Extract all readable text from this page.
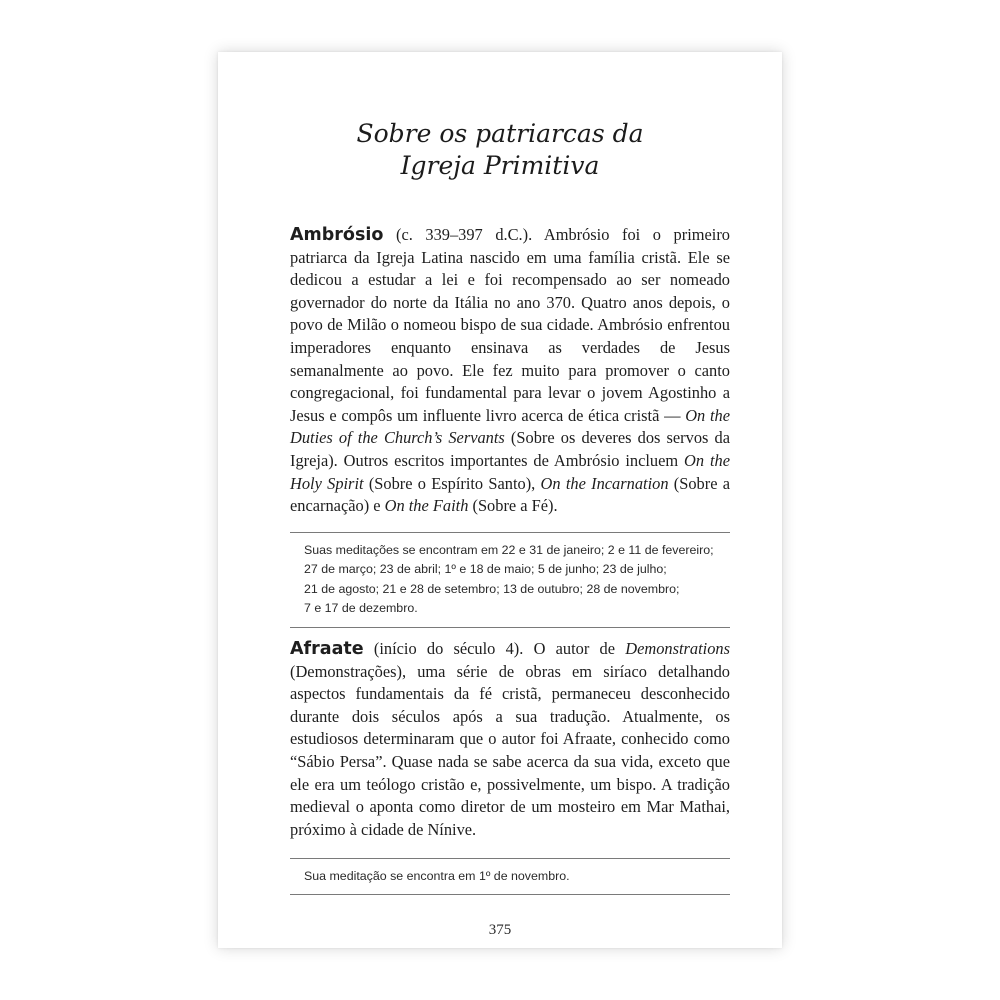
Sobre os patriarcas da
Igreja Primitiva

Ambrósio (c. 339–397 d.C.). Ambrósio foi o primeiro patriarca da Igreja Latina nascido em uma família cristã. Ele se dedicou a estudar a lei e foi recompensado ao ser nomeado governador do norte da Itália no ano 370. Quatro anos depois, o povo de Milão o nomeou bispo de sua cidade. Ambrósio enfrentou imperadores enquanto ensinava as verdades de Jesus semanalmente ao povo. Ele fez muito para promover o canto congregacional, foi fundamental para levar o jovem Agostinho a Jesus e compôs um influente livro acerca de ética cristã — On the Duties of the Church’s Servants (Sobre os deveres dos servos da Igreja). Outros escritos importantes de Ambrósio incluem On the Holy Spirit (Sobre o Espírito Santo), On the Incarnation (Sobre a encarnação) e On the Faith (Sobre a Fé).

Suas meditações se encontram em 22 e 31 de janeiro; 2 e 11 de fevereiro;
27 de março; 23 de abril; 1º e 18 de maio; 5 de junho; 23 de julho;
21 de agosto; 21 e 28 de setembro; 13 de outubro; 28 de novembro;
7 e 17 de dezembro.

Afraate (início do século 4). O autor de Demonstrations (Demonstrações), uma série de obras em siríaco detalhando aspectos fundamentais da fé cristã, permaneceu desconhecido durante dois séculos após a sua tradução. Atualmente, os estudiosos determinaram que o autor foi Afraate, conhecido como “Sábio Persa”. Quase nada se sabe acerca da sua vida, exceto que ele era um teólogo cristão e, possivelmente, um bispo. A tradição medieval o aponta como diretor de um mosteiro em Mar Mathai, próximo à cidade de Nínive.

Sua meditação se encontra em 1º de novembro.
375
